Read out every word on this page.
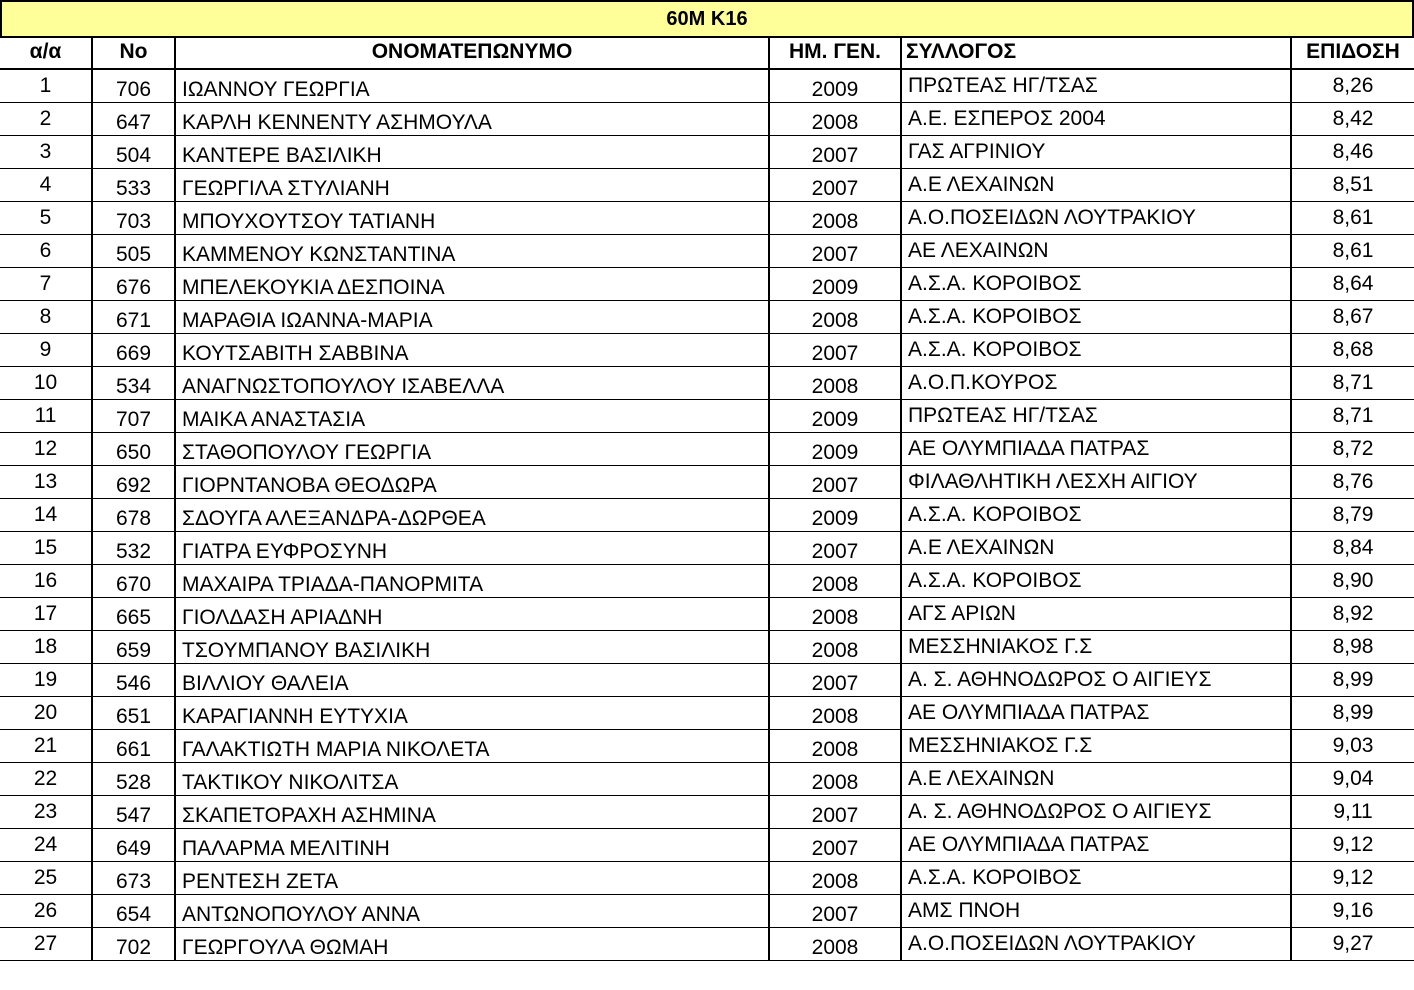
60Μ Κ16
α/α	No	ΟΝΟΜΑΤΕΠΩΝΥΜΟ	ΗΜ. ΓΕΝ.	ΣΥΛΛΟΓΟΣ	ΕΠΙΔΟΣΗ
1	706	ΙΩΑΝΝΟΥ ΓΕΩΡΓΙΑ	2009	ΠΡΩΤΕΑΣ ΗΓ/ΤΣΑΣ	8,26
2	647	ΚΑΡΛΗ ΚΕΝΝΕΝΤΥ ΑΣΗΜΟΥΛΑ	2008	Α.Ε. ΕΣΠΕΡΟΣ 2004	8,42
3	504	ΚΑΝΤΕΡΕ ΒΑΣΙΛΙΚΗ	2007	ΓΑΣ ΑΓΡΙΝΙΟΥ	8,46
4	533	ΓΕΩΡΓΙΛΑ ΣΤΥΛΙΑΝΗ	2007	Α.Ε ΛΕΧΑΙΝΩΝ	8,51
5	703	ΜΠΟΥΧΟΥΤΣΟΥ ΤΑΤΙΑΝΗ	2008	Α.Ο.ΠΟΣΕΙΔΩΝ ΛΟΥΤΡΑΚΙΟΥ	8,61
6	505	ΚΑΜΜΕΝΟΥ ΚΩΝΣΤΑΝΤΙΝΑ	2007	ΑΕ ΛΕΧΑΙΝΩΝ	8,61
7	676	ΜΠΕΛΕΚΟΥΚΙΑ ΔΕΣΠΟΙΝΑ	2009	Α.Σ.Α. ΚΟΡΟΙΒΟΣ	8,64
8	671	ΜΑΡΑΘΙΑ ΙΩΑΝΝΑ-ΜΑΡΙΑ	2008	Α.Σ.Α. ΚΟΡΟΙΒΟΣ	8,67
9	669	ΚΟΥΤΣΑΒΙΤΗ ΣΑΒΒΙΝΑ	2007	Α.Σ.Α. ΚΟΡΟΙΒΟΣ	8,68
10	534	ΑΝΑΓΝΩΣΤΟΠΟΥΛΟΥ ΙΣΑΒΕΛΛΑ	2008	Α.Ο.Π.ΚΟΥΡΟΣ	8,71
11	707	ΜΑΙΚΑ ΑΝΑΣΤΑΣΙΑ	2009	ΠΡΩΤΕΑΣ ΗΓ/ΤΣΑΣ	8,71
12	650	ΣΤΑΘΟΠΟΥΛΟΥ ΓΕΩΡΓΙΑ	2009	ΑΕ ΟΛΥΜΠΙΑΔΑ ΠΑΤΡΑΣ	8,72
13	692	ΓΙΟΡΝΤΑΝΟΒΑ ΘΕΟΔΩΡΑ	2007	ΦΙΛΑΘΛΗΤΙΚΗ ΛΕΣΧΗ ΑΙΓΙΟΥ	8,76
14	678	ΣΔΟΥΓΑ ΑΛΕΞΑΝΔΡΑ-ΔΩΡΘΕΑ	2009	Α.Σ.Α. ΚΟΡΟΙΒΟΣ	8,79
15	532	ΓΙΑΤΡΑ ΕΥΦΡΟΣΥΝΗ	2007	Α.Ε ΛΕΧΑΙΝΩΝ	8,84
16	670	ΜΑΧΑΙΡΑ ΤΡΙΑΔΑ-ΠΑΝΟΡΜΙΤΑ	2008	Α.Σ.Α. ΚΟΡΟΙΒΟΣ	8,90
17	665	ΓΙΟΛΔΑΣΗ ΑΡΙΑΔΝΗ	2008	ΑΓΣ ΑΡΙΩΝ	8,92
18	659	ΤΣΟΥΜΠΑΝΟΥ ΒΑΣΙΛΙΚΗ	2008	ΜΕΣΣΗΝΙΑΚΟΣ Γ.Σ	8,98
19	546	ΒΙΛΛΙΟΥ ΘΑΛΕΙΑ	2007	Α. Σ. ΑΘΗΝΟΔΩΡΟΣ Ο ΑΙΓΙΕΥΣ	8,99
20	651	ΚΑΡΑΓΙΑΝΝΗ ΕΥΤΥΧΙΑ	2008	ΑΕ ΟΛΥΜΠΙΑΔΑ ΠΑΤΡΑΣ	8,99
21	661	ΓΑΛΑΚΤΙΩΤΗ ΜΑΡΙΑ ΝΙΚΟΛΕΤΑ	2008	ΜΕΣΣΗΝΙΑΚΟΣ Γ.Σ	9,03
22	528	ΤΑΚΤΙΚΟΥ ΝΙΚΟΛΙΤΣΑ	2008	Α.Ε ΛΕΧΑΙΝΩΝ	9,04
23	547	ΣΚΑΠΕΤΟΡΑΧΗ ΑΣΗΜΙΝΑ	2007	Α. Σ. ΑΘΗΝΟΔΩΡΟΣ Ο ΑΙΓΙΕΥΣ	9,11
24	649	ΠΑΛΑΡΜΑ ΜΕΛΙΤΙΝΗ	2007	ΑΕ ΟΛΥΜΠΙΑΔΑ ΠΑΤΡΑΣ	9,12
25	673	ΡΕΝΤΕΣΗ ΖΕΤΑ	2008	Α.Σ.Α. ΚΟΡΟΙΒΟΣ	9,12
26	654	ΑΝΤΩΝΟΠΟΥΛΟΥ ΑΝΝΑ	2007	ΑΜΣ ΠΝΟΗ	9,16
27	702	ΓΕΩΡΓΟΥΛΑ ΘΩΜΑΗ	2008	Α.Ο.ΠΟΣΕΙΔΩΝ ΛΟΥΤΡΑΚΙΟΥ	9,27
